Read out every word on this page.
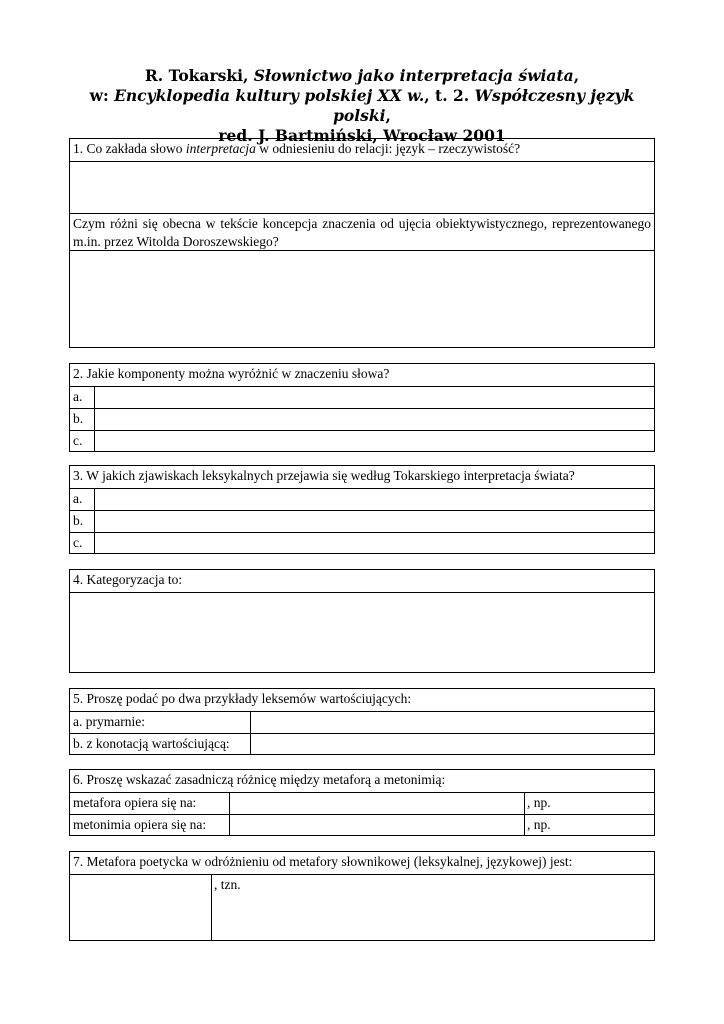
R. Tokarski, Słownictwo jako interpretacja świata,
w: Encyklopedia kultury polskiej XX w., t. 2. Współczesny język polski,
red. J. Bartmiński, Wrocław 2001
1. Co zakłada słowo interpretacja w odniesieniu do relacji: język – rzeczywistość?
Czym różni się obecna w tekście koncepcja znaczenia od ujęcia obiektywistycznego, reprezentowanego m.in. przez Witolda Doroszewskiego?
2. Jakie komponenty można wyróżnić w znaczeniu słowa?
a.
b.
c.
3. W jakich zjawiskach leksykalnych przejawia się według Tokarskiego interpretacja świata?
a.
b.
c.
4. Kategoryzacja to:
5. Proszę podać po dwa przykłady leksemów wartościujących:
a. prymarnie:
b. z konotacją wartościującą:
6. Proszę wskazać zasadniczą różnicę między metaforą a metonimią:
metafora opiera się na:	, np.
metonimia opiera się na:	, np.
7. Metafora poetycka w odróżnieniu od metafory słownikowej (leksykalnej, językowej) jest:
, tzn.
